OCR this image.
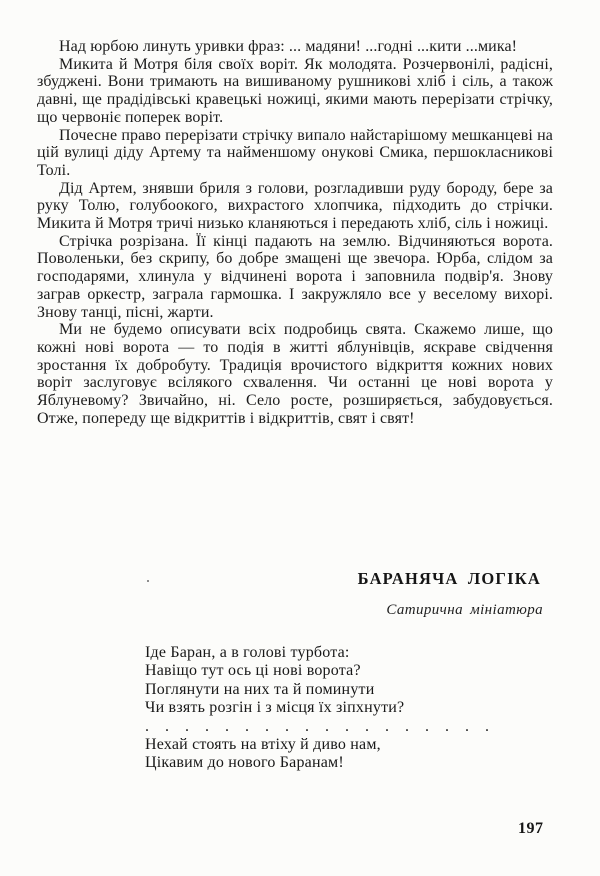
Над юрбою линуть уривки фраз: ... мадяни! ...годні ...кити ...мика!

Микита й Мотря біля своїх воріт. Як молодята. Розчервонілі, радісні, збуджені. Вони тримають на вишиваному рушникові хліб і сіль, а також давні, ще прадідівські кравецькі ножиці, якими мають перерізати стрічку, що червоніє поперек воріт.

Почесне право перерізати стрічку випало найстарішому мешканцеві на цій вулиці діду Артему та найменшому онукові Смика, першокласникові Толі.

Дід Артем, знявши бриля з голови, розгладивши руду бороду, бере за руку Толю, голубоокого, вихрастого хлопчика, підходить до стрічки. Микита й Мотря тричі низько кланяються і передають хліб, сіль і ножиці.

Стрічка розрізана. Її кінці падають на землю. Відчиняються ворота. Поволеньки, без скрипу, бо добре змащені ще звечора. Юрба, слідом за господарями, хлинула у відчинені ворота і заповнила подвір'я. Знову заграв оркестр, заграла гармошка. І закружляло все у веселому вихорі. Знову танці, пісні, жарти.

Ми не будемо описувати всіх подробиць свята. Скажемо лише, що кожні нові ворота — то подія в житті яблунівців, яскраве свідчення зростання їх добробуту. Традиція врочистого відкриття кожних нових воріт заслуговує всілякого схвалення. Чи останні це нові ворота у Яблуневому? Звичайно, ні. Село росте, розширяється, забудовується. Отже, попереду ще відкриттів і відкриттів, свят і свят!

БАРАНЯЧА ЛОГІКА
Сатирична мініатюра
Іде Баран, а в голові турбота:
Навіщо тут ось ці нові ворота?
Поглянути на них та й поминути
Чи взять розгін і з місця їх зіпхнути?
. . . . . . . . . . . . . . . . . .
Нехай стоять на втіху й диво нам,
Цікавим до нового Баранам!
197
